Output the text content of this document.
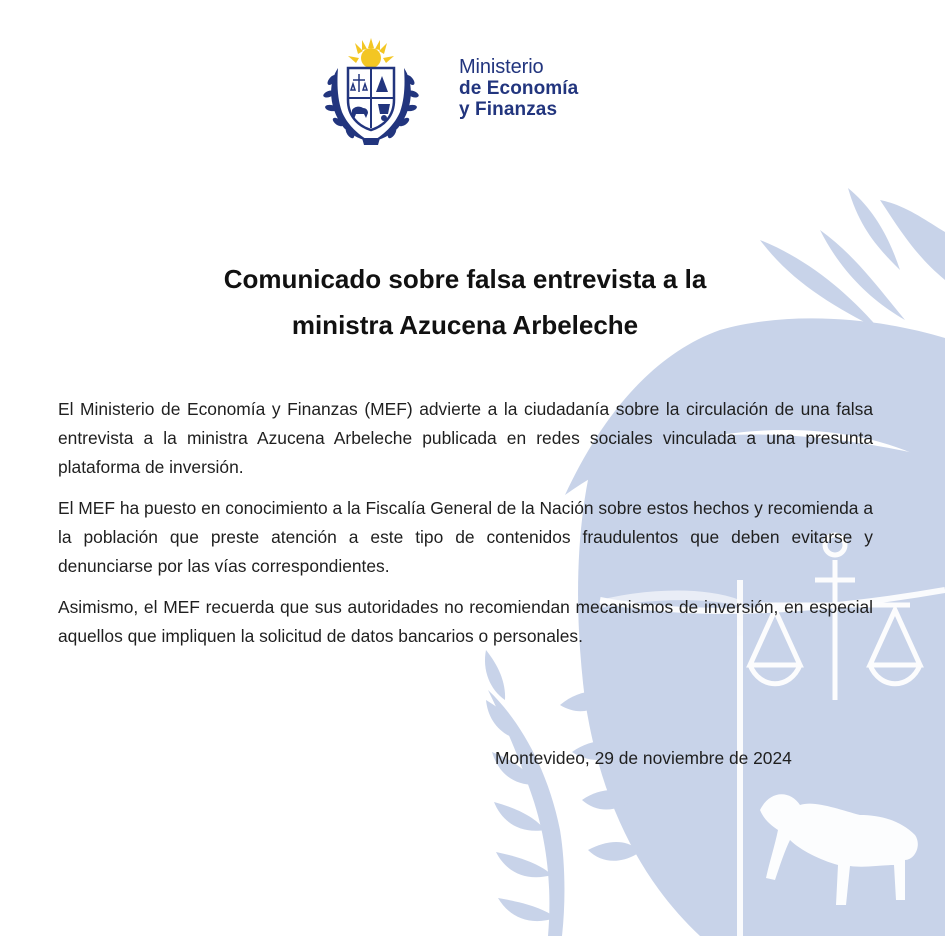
Ministerio
de Economía
y Finanzas
Comunicado sobre falsa entrevista a la
ministra Azucena Arbeleche

El Ministerio de Economía y Finanzas (MEF) advierte a la ciudadanía sobre la circulación de una falsa entrevista a la ministra Azucena Arbeleche publicada en redes sociales vinculada a una presunta plataforma de inversión.

El MEF ha puesto en conocimiento a la Fiscalía General de la Nación sobre estos hechos y recomienda a la población que preste atención a este tipo de contenidos fraudulentos que deben evitarse y denunciarse por las vías correspondientes.

Asimismo, el MEF recuerda que sus autoridades no recomiendan mecanismos de inversión, en especial aquellos que impliquen la solicitud de datos bancarios o personales.

Montevideo, 29 de noviembre de 2024
